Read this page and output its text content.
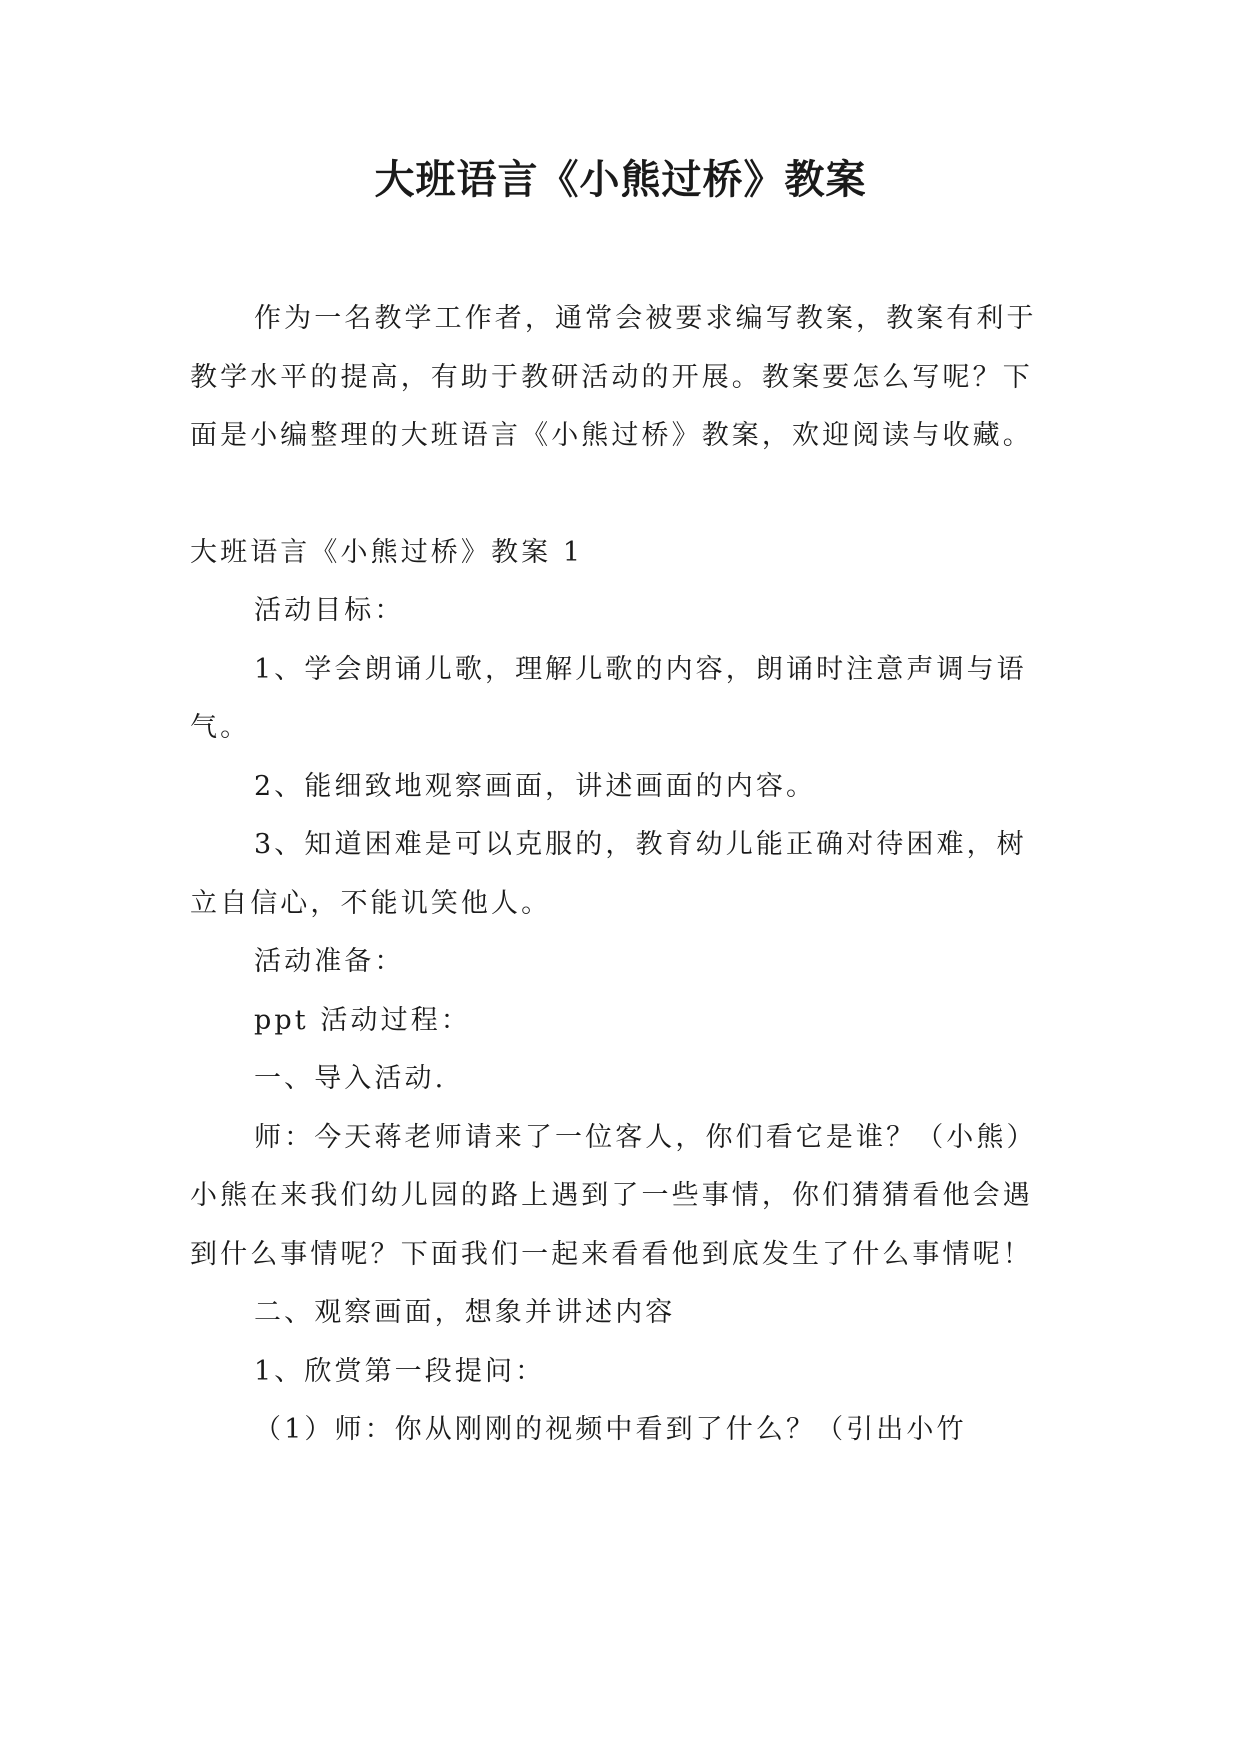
大班语言《小熊过桥》教案

作为一名教学工作者，通常会被要求编写教案，教案有利于教学水平的提高，有助于教研活动的开展。教案要怎么写呢？下面是小编整理的大班语言《小熊过桥》教案，欢迎阅读与收藏。

大班语言《小熊过桥》教案 1

活动目标：

1、学会朗诵儿歌，理解儿歌的内容，朗诵时注意声调与语气。

2、能细致地观察画面，讲述画面的内容。

3、知道困难是可以克服的，教育幼儿能正确对待困难，树立自信心，不能讥笑他人。

活动准备：

ppt 活动过程：

一、导入活动.

师：今天蒋老师请来了一位客人，你们看它是谁？（小熊）小熊在来我们幼儿园的路上遇到了一些事情，你们猜猜看他会遇到什么事情呢？下面我们一起来看看他到底发生了什么事情呢！

二、观察画面，想象并讲述内容

1、欣赏第一段提问：

（1）师：你从刚刚的视频中看到了什么？（引出小竹
